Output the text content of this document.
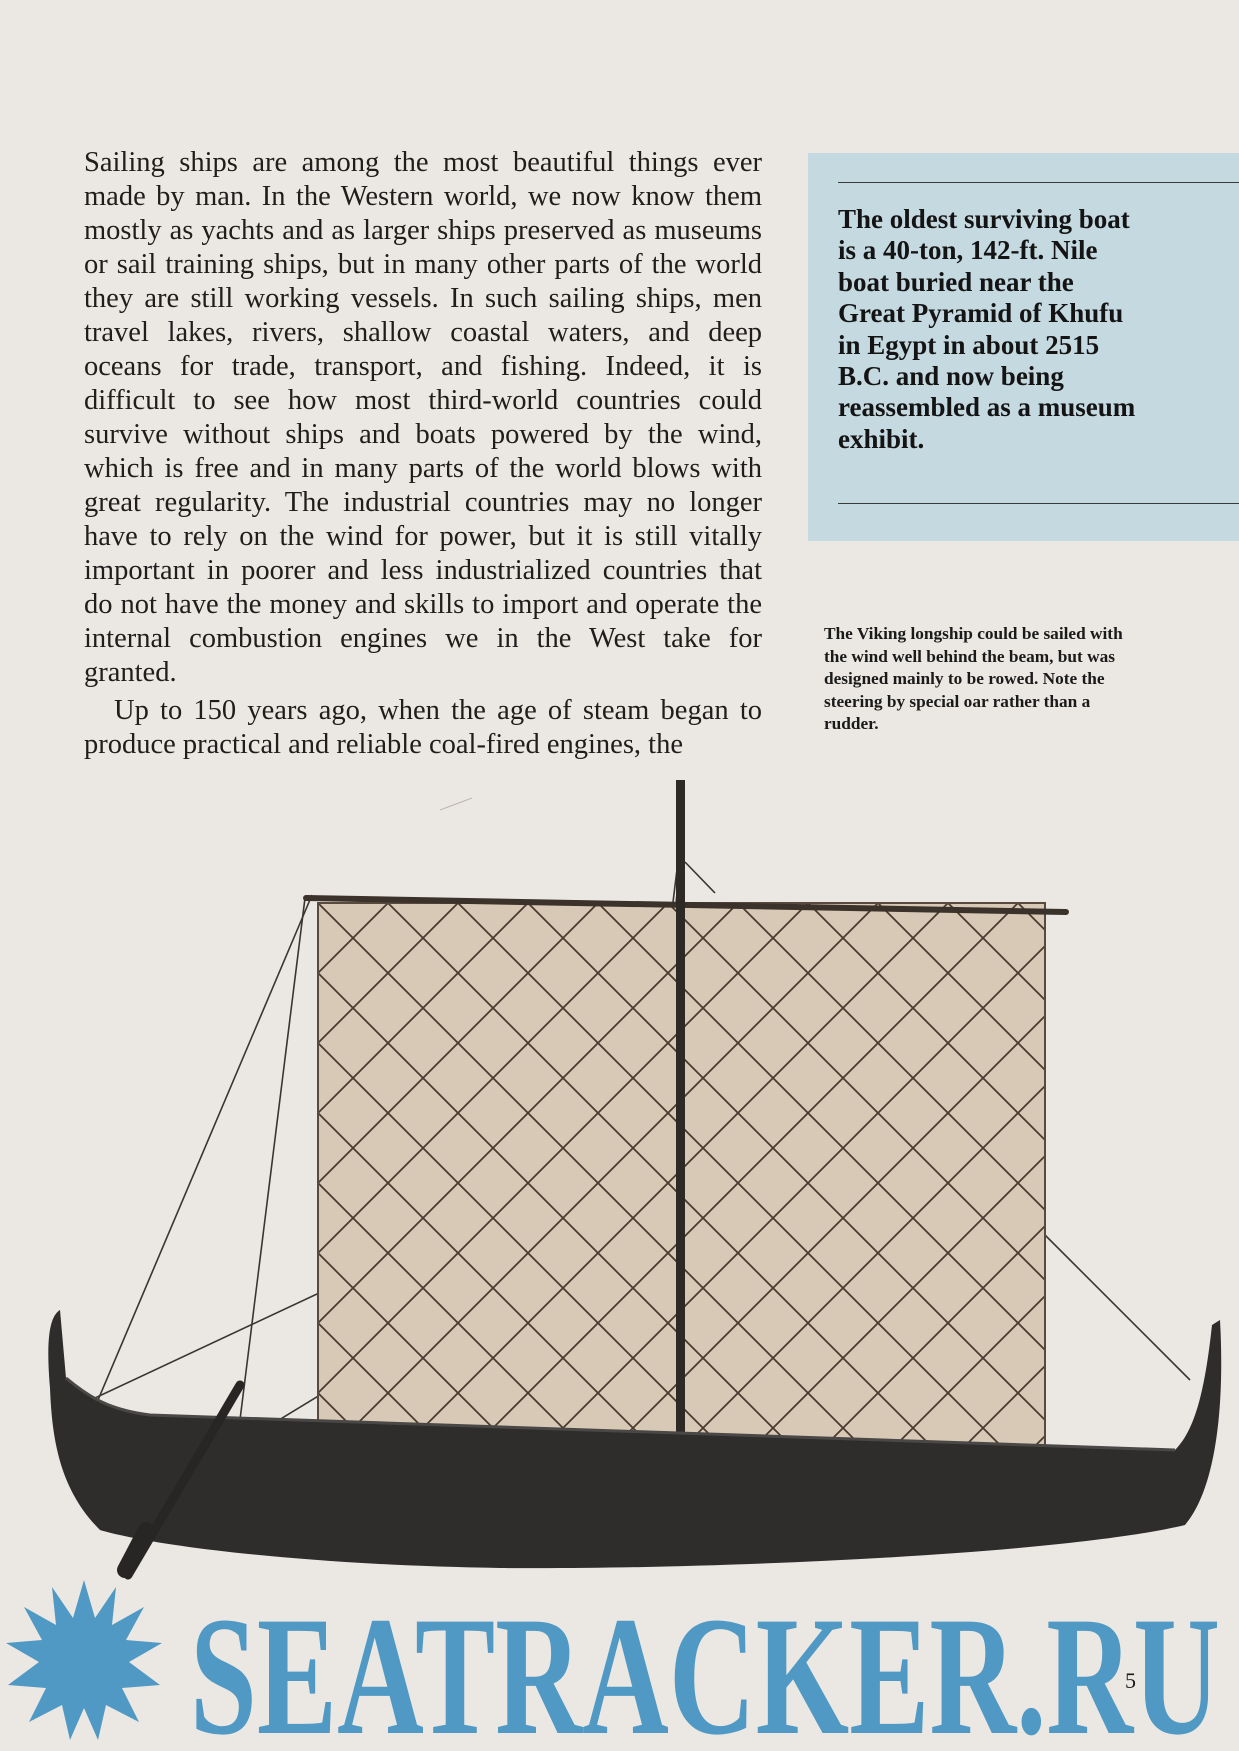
Sailing ships are among the most beautiful things ever made by man. In the Western world, we now know them mostly as yachts and as larger ships preserved as museums or sail training ships, but in many other parts of the world they are still working vessels. In such sailing ships, men travel lakes, rivers, shallow coastal waters, and deep oceans for trade, transport, and fishing. Indeed, it is difficult to see how most third-world countries could survive without ships and boats powered by the wind, which is free and in many parts of the world blows with great regularity. The industrial countries may no longer have to rely on the wind for power, but it is still vitally important in poorer and less industrialized countries that do not have the money and skills to import and operate the internal combustion engines we in the West take for granted.

Up to 150 years ago, when the age of steam began to produce practical and reliable coal-fired engines, the

The oldest surviving boat is a 40-ton, 142-ft. Nile boat buried near the Great Pyramid of Khufu in Egypt in about 2515 B.C. and now being reassembled as a museum exhibit.
The Viking longship could be sailed with the wind well behind the beam, but was designed mainly to be rowed. Note the steering by special oar rather than a rudder.
SEATRACKER.RU
5
